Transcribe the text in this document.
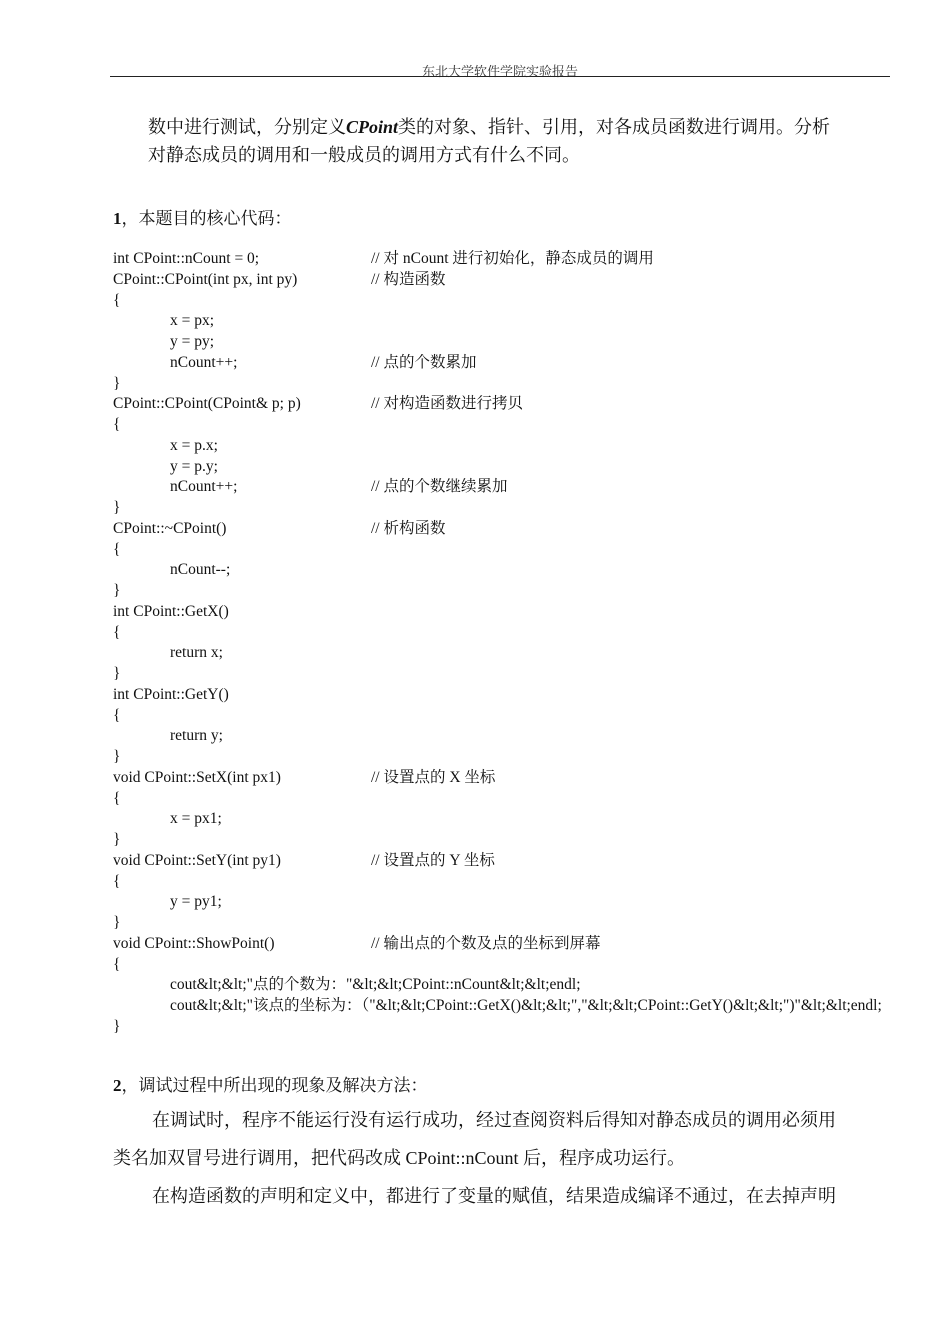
东北大学软件学院实验报告
数中进行测试，分别定义CPoint类的对象、指针、引用，对各成员函数进行调用。分析
对静态成员的调用和一般成员的调用方式有什么不同。
1，本题目的核心代码：
int CPoint::nCount = 0;	// 对 nCount 进行初始化，静态成员的调用
CPoint::CPoint(int px, int py)	// 构造函数
{
x = px;
y = py;
nCount++;	// 点的个数累加
}
CPoint::CPoint(CPoint& p; p)	// 对构造函数进行拷贝
{
x = p.x;
y = p.y;
nCount++;	// 点的个数继续累加
}
CPoint::~CPoint()	// 析构函数
{
nCount--;
}
int CPoint::GetX()
{
return x;
}
int CPoint::GetY()
{
return y;
}
void CPoint::SetX(int px1)	// 设置点的 X 坐标
{
x = px1;
}
void CPoint::SetY(int py1)	// 设置点的 Y 坐标
{
y = py1;
}
void CPoint::ShowPoint()	// 输出点的个数及点的坐标到屏幕
{
cout&lt;&lt;"点的个数为："&lt;&lt;CPoint::nCount&lt;&lt;endl;
cout&lt;&lt;"该点的坐标为：（"&lt;&lt;CPoint::GetX()&lt;&lt;","&lt;&lt;CPoint::GetY()&lt;&lt;")"&lt;&lt;endl;
}
2，调试过程中所出现的现象及解决方法：
在调试时，程序不能运行没有运行成功，经过查阅资料后得知对静态成员的调用必须用
类名加双冒号进行调用，把代码改成 CPoint::nCount 后，程序成功运行。
在构造函数的声明和定义中，都进行了变量的赋值，结果造成编译不通过，在去掉声明
